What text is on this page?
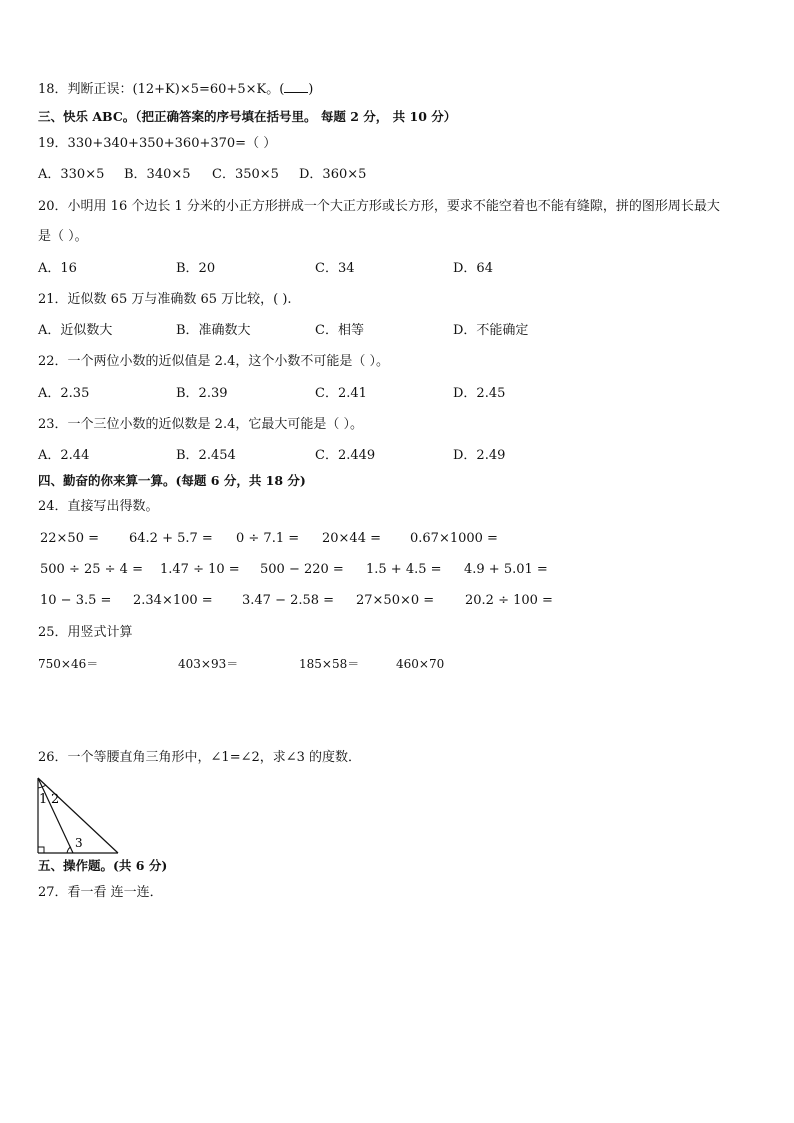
18．判断正误：(12+K)×5=60+5×K。( )
三、快乐 ABC。（把正确答案的序号填在括号里。 每题 2 分， 共 10 分）
19．330+340+350+360+370=（ ）
A．330×5 B．340×5 C．350×5 D．360×5
20．小明用 16 个边长 1 分米的小正方形拼成一个大正方形或长方形，要求不能空着也不能有缝隙，拼的图形周长最大
是（ ）。
A．16	B．20	C．34	D．64
21．近似数 65 万与准确数 65 万比较，( ).
A．近似数大	B．准确数大	C．相等	D．不能确定
22．一个两位小数的近似值是 2.4，这个小数不可能是（ ）。
A．2.35	B．2.39	C．2.41	D．2.45
23．一个三位小数的近似数是 2.4，它最大可能是（ ）。
A．2.44	B．2.454	C．2.449	D．2.49
四、勤奋的你来算一算。(每题 6 分，共 18 分)
24．直接写出得数。
22×50 = 64.2 + 5.7 = 0 ÷ 7.1 = 20×44 = 0.67×1000 =
500 ÷ 25 ÷ 4 = 1.47 ÷ 10 = 500 − 220 = 1.5 + 4.5 = 4.9 + 5.01 =
10 − 3.5 = 2.34×100 = 3.47 − 2.58 = 27×50×0 = 20.2 ÷ 100 =
25．用竖式计算
750×46＝	403×93＝	185×58＝	460×70
26．一个等腰直角三角形中，∠1=∠2，求∠3 的度数．
1 2
3
五、操作题。(共 6 分)
27．看一看 连一连．
